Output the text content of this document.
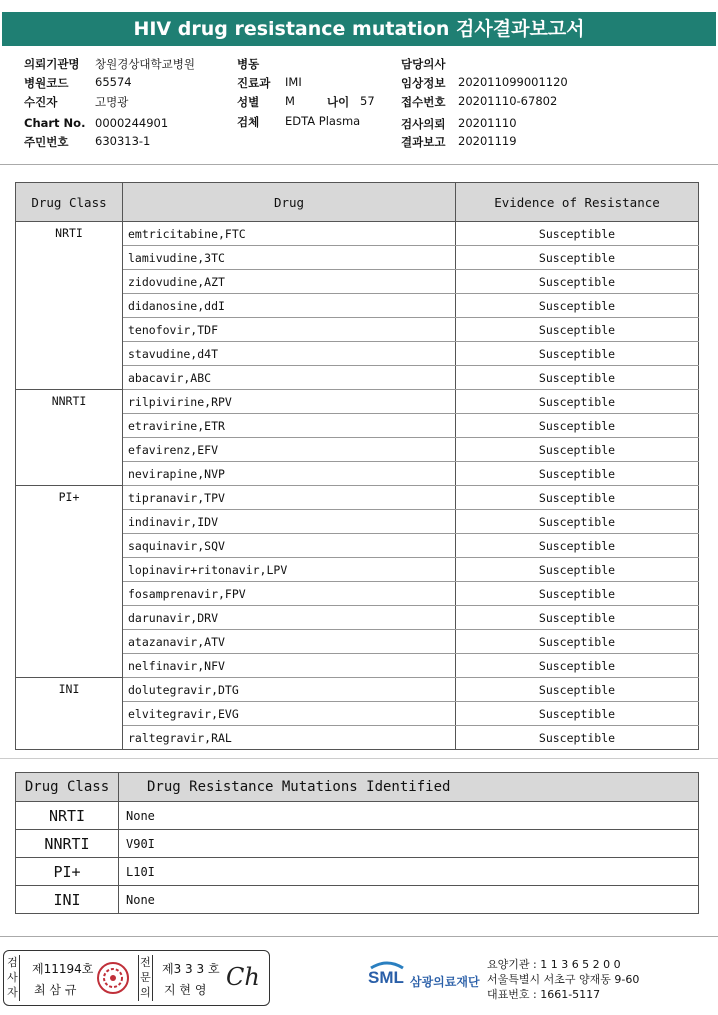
HIV drug resistance mutation 검사결과보고서
의뢰기관명 창원경상대학교병원
병원코드 65574
수진자	고명광
Chart No. 0000244901
주민번호 630313-1
병동
진료과 IMI
성별 M	나이 57
검체 EDTA Plasma
담당의사
임상정보 202011099001120
접수번호 20201110-67802
검사의뢰 20201110
결과보고 20201119
Drug Class	Drug	Evidence of Resistance
NRTI	emtricitabine,FTC	Susceptible
	lamivudine,3TC	Susceptible
	zidovudine,AZT	Susceptible
	didanosine,ddI	Susceptible
	tenofovir,TDF	Susceptible
	stavudine,d4T	Susceptible
	abacavir,ABC	Susceptible
NNRTI	rilpivirine,RPV	Susceptible
	etravirine,ETR	Susceptible
	efavirenz,EFV	Susceptible
	nevirapine,NVP	Susceptible
PI+	tipranavir,TPV	Susceptible
	indinavir,IDV	Susceptible
	saquinavir,SQV	Susceptible
	lopinavir+ritonavir,LPV	Susceptible
	fosamprenavir,FPV	Susceptible
	darunavir,DRV	Susceptible
	atazanavir,ATV	Susceptible
	nelfinavir,NFV	Susceptible
INI	dolutegravir,DTG	Susceptible
	elvitegravir,EVG	Susceptible
	raltegravir,RAL	Susceptible
Drug Class	Drug Resistance Mutations Identified
NRTI	None
NNRTI	V90I
PI+	L10I
INI	None
검사자
제11194호
최 삼 규
전문의
제3 3 3 호
지 현 영 Ch	SML 삼광의료재단
요양기관 : 1 1 3 6 5 2 0 0
서울특별시 서초구 양재동 9-60
대표번호 : 1661-5117
